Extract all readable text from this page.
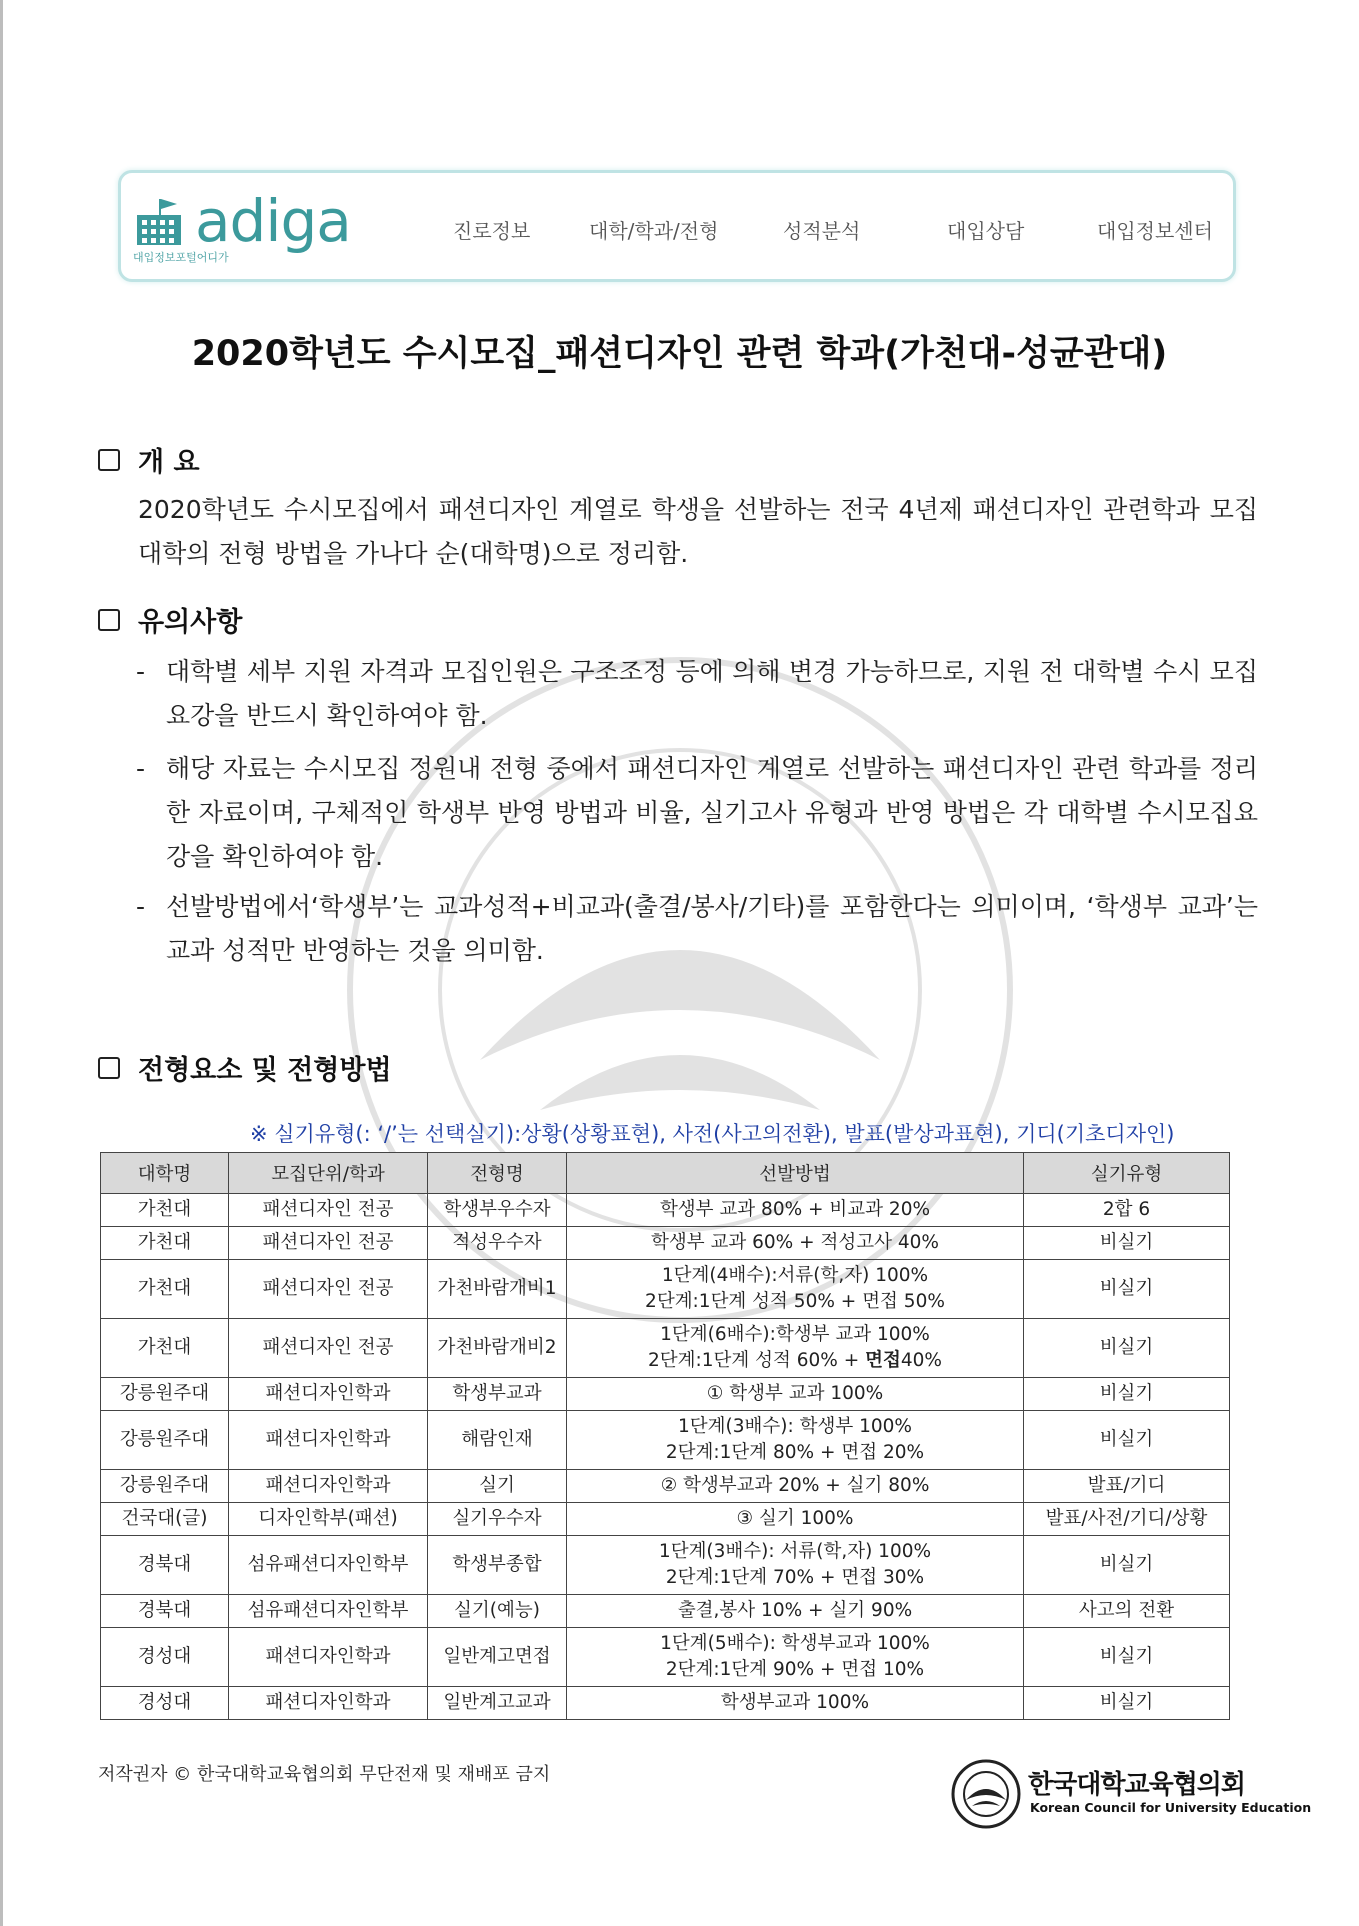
adiga
대입정보포털어디가
진로정보	대학/학과/전형	성적분석	대입상담	대입정보센터
2020학년도 수시모집_패션디자인 관련 학과(가천대-성균관대)
개 요
2020학년도 수시모집에서 패션디자인 계열로 학생을 선발하는 전국 4년제 패션디자인 관련학과 모집 대학의 전형 방법을 가나다 순(대학명)으로 정리함.
유의사항
- 대학별 세부 지원 자격과 모집인원은 구조조정 등에 의해 변경 가능하므로, 지원 전 대학별 수시 모집요강을 반드시 확인하여야 함.
- 해당 자료는 수시모집 정원내 전형 중에서 패션디자인 계열로 선발하는 패션디자인 관련 학과를 정리한 자료이며, 구체적인 학생부 반영 방법과 비율, 실기고사 유형과 반영 방법은 각 대학별 수시모집요강을 확인하여야 함.
- 선발방법에서‘학생부’는 교과성적+비교과(출결/봉사/기타)를 포함한다는 의미이며, ‘학생부 교과’는 교과 성적만 반영하는 것을 의미함.
전형요소 및 전형방법
※ 실기유형(: ‘/’는 선택실기):상황(상황표현), 사전(사고의전환), 발표(발상과표현), 기디(기초디자인)
대학명	모집단위/학과	전형명	선발방법	실기유형
가천대	패션디자인 전공	학생부우수자	학생부 교과 80% + 비교과 20%	2합 6
가천대	패션디자인 전공	적성우수자	학생부 교과 60% + 적성고사 40%	비실기
가천대	패션디자인 전공	가천바람개비1	1단계(4배수):서류(학,자) 100%
2단계:1단계 성적 50% + 면접 50%	비실기
가천대	패션디자인 전공	가천바람개비2	1단계(6배수):학생부 교과 100%
2단계:1단계 성적 60% + 면접40%	비실기
강릉원주대	패션디자인학과	학생부교과	① 학생부 교과 100%	비실기
강릉원주대	패션디자인학과	해람인재	1단계(3배수): 학생부 100%
2단계:1단계 80% + 면접 20%	비실기
강릉원주대	패션디자인학과	실기	② 학생부교과 20% + 실기 80%	발표/기디
건국대(글)	디자인학부(패션)	실기우수자	③ 실기 100%	발표/사전/기디/상황
경북대	섬유패션디자인학부	학생부종합	1단계(3배수): 서류(학,자) 100%
2단계:1단계 70% + 면접 30%	비실기
경북대	섬유패션디자인학부	실기(예능)	출결,봉사 10% + 실기 90%	사고의 전환
경성대	패션디자인학과	일반계고면접	1단계(5배수): 학생부교과 100%
2단계:1단계 90% + 면접 10%	비실기
경성대	패션디자인학과	일반계고교과	학생부교과 100%	비실기
저작권자 © 한국대학교육협의회 무단전재 및 재배포 금지	한국대학교육협의회
Korean Council for University Education
